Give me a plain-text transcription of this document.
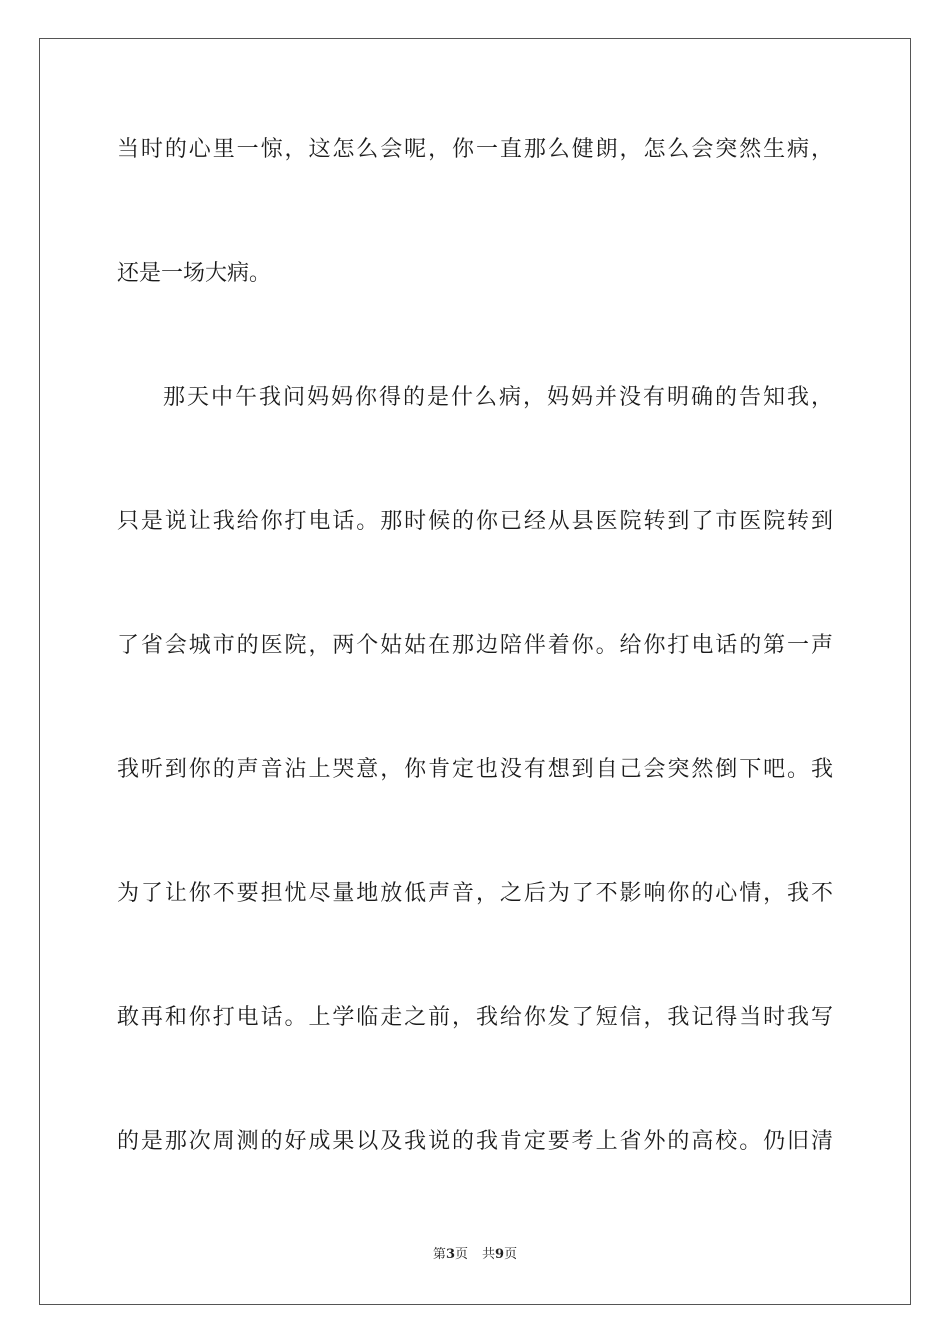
当时的心里一惊，这怎么会呢，你一直那么健朗，怎么会突然生病，
还是一场大病。
那天中午我问妈妈你得的是什么病，妈妈并没有明确的告知我，
只是说让我给你打电话。那时候的你已经从县医院转到了市医院转到
了省会城市的医院，两个姑姑在那边陪伴着你。给你打电话的第一声
我听到你的声音沾上哭意，你肯定也没有想到自己会突然倒下吧。我
为了让你不要担忧尽量地放低声音，之后为了不影响你的心情，我不
敢再和你打电话。上学临走之前，我给你发了短信，我记得当时我写
的是那次周测的好成果以及我说的我肯定要考上省外的高校。仍旧清
第3页 共9页
